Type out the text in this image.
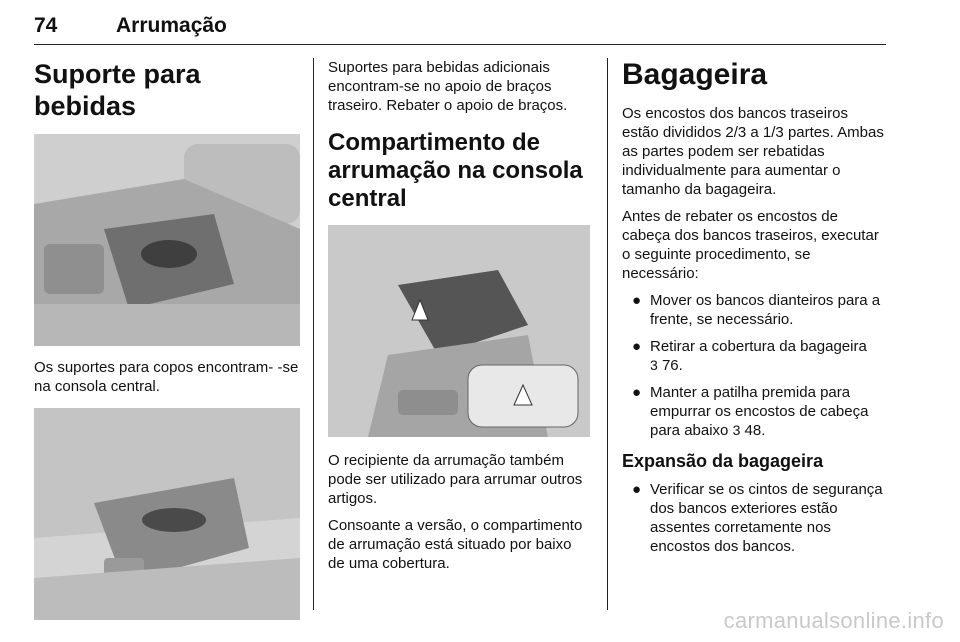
74	Arrumação
Suporte para bebidas

Os suportes para copos encontram- -se na consola central.

Suportes para bebidas adicionais encontram-se no apoio de braços traseiro. Rebater o apoio de braços.

Compartimento de arrumação na consola central

O recipiente da arrumação também pode ser utilizado para arrumar outros artigos.

Consoante a versão, o compartimento de arrumação está situado por baixo de uma cobertura.

Bagageira

Os encostos dos bancos traseiros estão divididos 2/3 a 1/3 partes. Ambas as partes podem ser rebatidas individualmente para aumentar o tamanho da bagageira.

Antes de rebater os encostos de cabeça dos bancos traseiros, executar o seguinte procedimento, se necessário:

● Mover os bancos dianteiros para a frente, se necessário.
● Retirar a cobertura da bagageira
3 76.
● Manter a patilha premida para empurrar os encostos de cabeça para abaixo 3 48.
Expansão da bagageira
● Verificar se os cintos de segurança dos bancos exteriores estão assentes corretamente nos encostos dos bancos.
carmanualsonline.info
